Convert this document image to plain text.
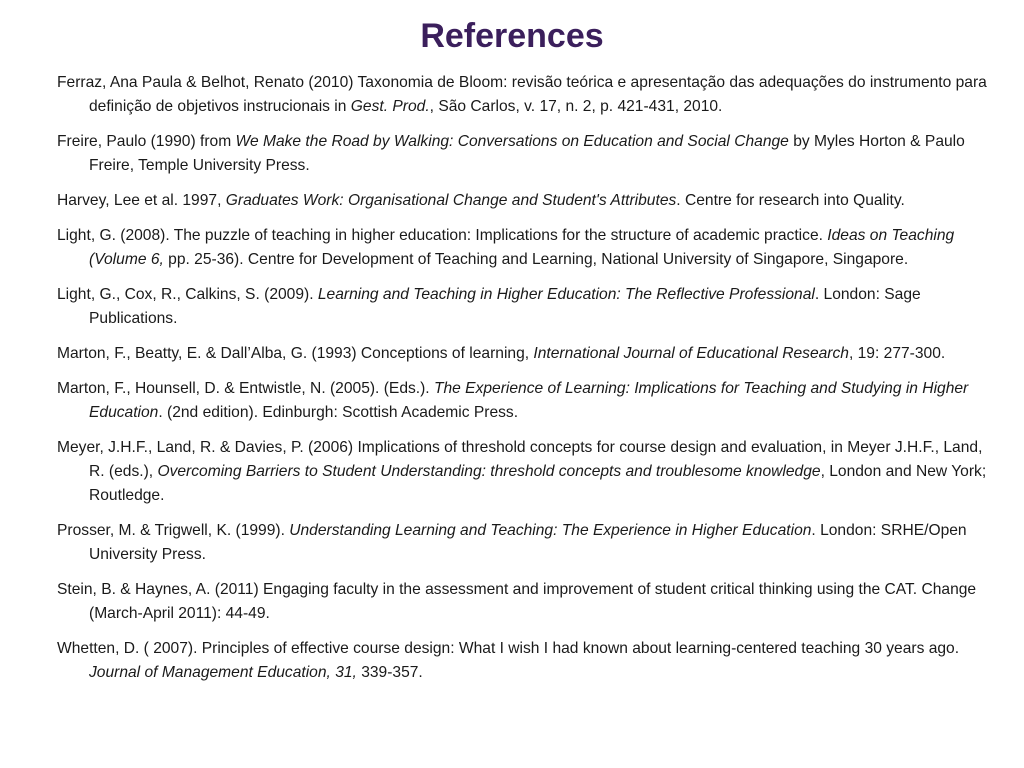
References
Ferraz, Ana Paula & Belhot, Renato (2010) Taxonomia de Bloom: revisão teórica e apresentação das adequações do instrumento para definição de objetivos instrucionais in Gest. Prod., São Carlos, v. 17, n. 2, p. 421-431, 2010.
Freire, Paulo (1990) from We Make the Road by Walking: Conversations on Education and Social Change by Myles Horton & Paulo Freire, Temple University Press.
Harvey, Lee et al. 1997, Graduates Work: Organisational Change and Student's Attributes. Centre for research into Quality.
Light, G. (2008). The puzzle of teaching in higher education: Implications for the structure of academic practice. Ideas on Teaching (Volume 6, pp. 25-36). Centre for Development of Teaching and Learning, National University of Singapore, Singapore.
Light, G., Cox, R., Calkins, S. (2009). Learning and Teaching in Higher Education: The Reflective Professional. London: Sage Publications.
Marton, F., Beatty, E. & Dall’Alba, G. (1993) Conceptions of learning, International Journal of Educational Research, 19: 277-300.
Marton, F., Hounsell, D. & Entwistle, N. (2005). (Eds.). The Experience of Learning: Implications for Teaching and Studying in Higher Education. (2nd edition). Edinburgh: Scottish Academic Press.
Meyer, J.H.F., Land, R. & Davies, P. (2006) Implications of threshold concepts for course design and evaluation, in Meyer J.H.F., Land, R. (eds.), Overcoming Barriers to Student Understanding: threshold concepts and troublesome knowledge, London and New York; Routledge.
Prosser, M. & Trigwell, K. (1999). Understanding Learning and Teaching: The Experience in Higher Education. London: SRHE/Open University Press.
Stein, B. & Haynes, A. (2011) Engaging faculty in the assessment and improvement of student critical thinking using the CAT. Change (March-April 2011): 44-49.
Whetten, D. ( 2007). Principles of effective course design: What I wish I had known about learning-centered teaching 30 years ago. Journal of Management Education, 31, 339-357.
